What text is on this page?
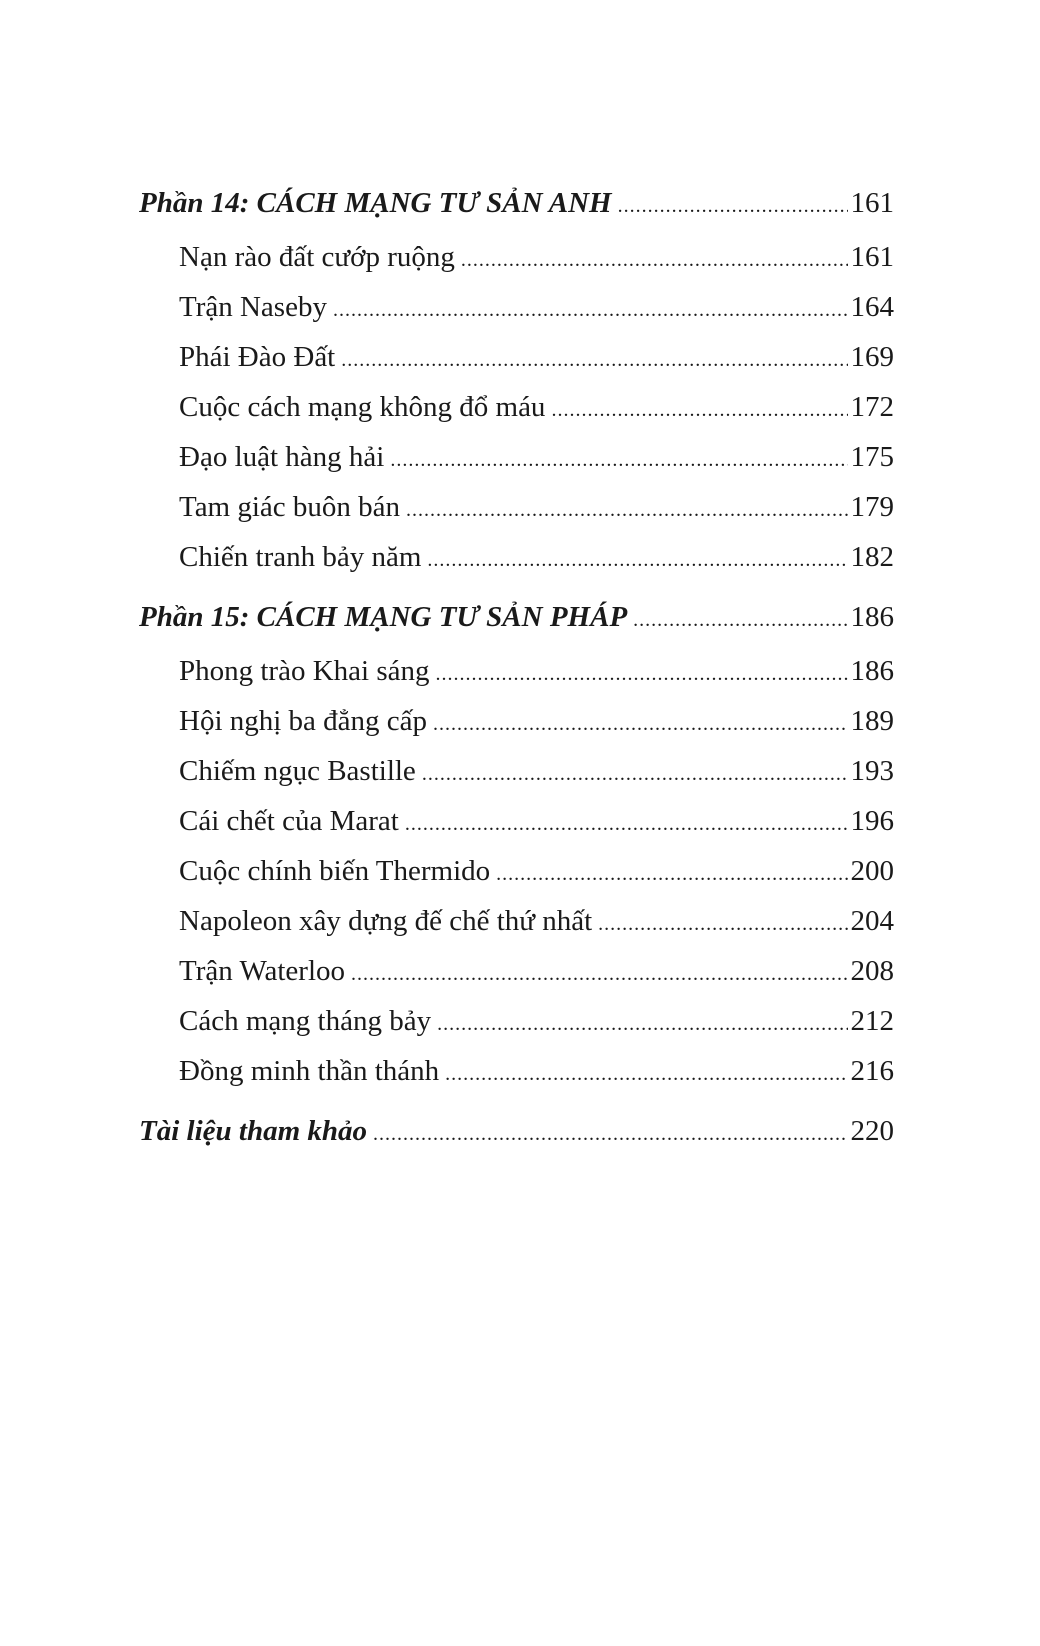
Phần 14: CÁCH MẠNG TƯ SẢN ANH .....	161
Nạn rào đất cướp ruộng .....	161
Trận Naseby .....	164
Phái Đào Đất .....	169
Cuộc cách mạng không đổ máu .....	172
Đạo luật hàng hải .....	175
Tam giác buôn bán .....	179
Chiến tranh bảy năm .....	182
Phần 15: CÁCH MẠNG TƯ SẢN PHÁP .....	186
Phong trào Khai sáng .....	186
Hội nghị ba đẳng cấp .....	189
Chiếm ngục Bastille .....	193
Cái chết của Marat .....	196
Cuộc chính biến Thermido .....	200
Napoleon xây dựng đế chế thứ nhất .....	204
Trận Waterloo .....	208
Cách mạng tháng bảy .....	212
Đồng minh thần thánh .....	216
Tài liệu tham khảo .....	220
